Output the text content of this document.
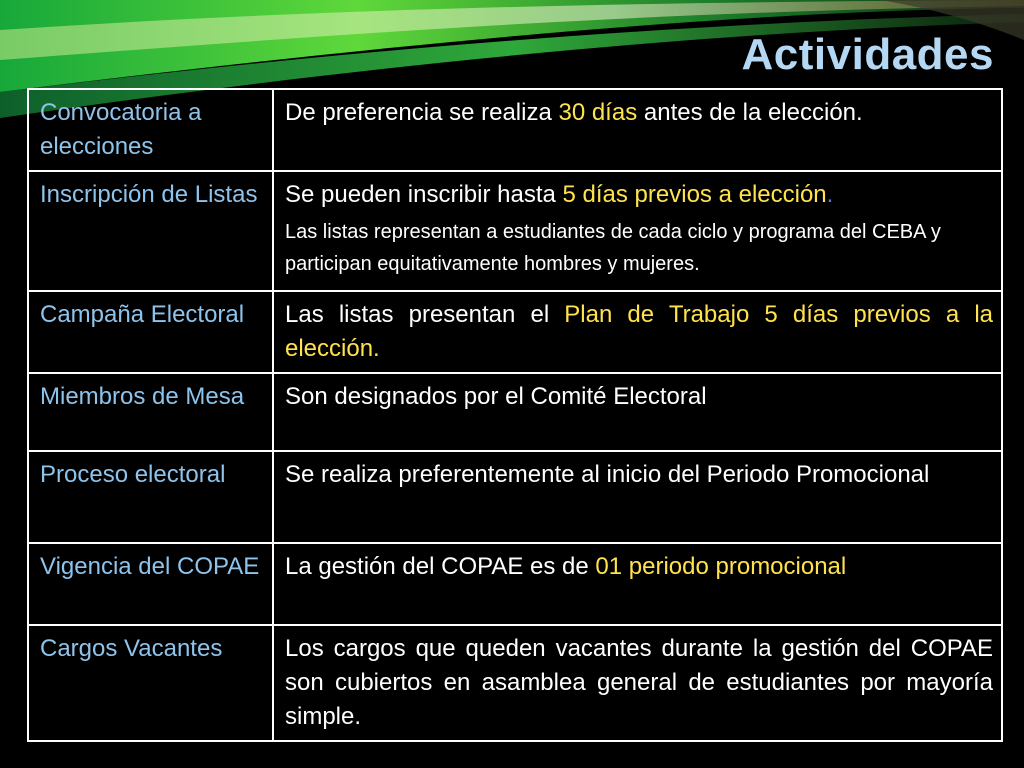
Actividades
Convocatoria a elecciones	De preferencia se realiza 30 días antes de la elección.
Inscripción de Listas	Se pueden inscribir hasta 5 días previos a elección.
Las listas representan a estudiantes de cada ciclo y programa del CEBA y participan equitativamente hombres y mujeres.

Campaña Electoral	Las listas presentan el Plan de Trabajo 5 días previos a la elección.
Miembros de Mesa	Son designados por el Comité Electoral
Proceso electoral	Se realiza preferentemente al inicio del Periodo Promocional
Vigencia del COPAE	La gestión del COPAE es de 01 periodo promocional
Cargos Vacantes	Los cargos que queden vacantes durante la gestión del COPAE son cubiertos en asamblea general de estudiantes por mayoría simple.
